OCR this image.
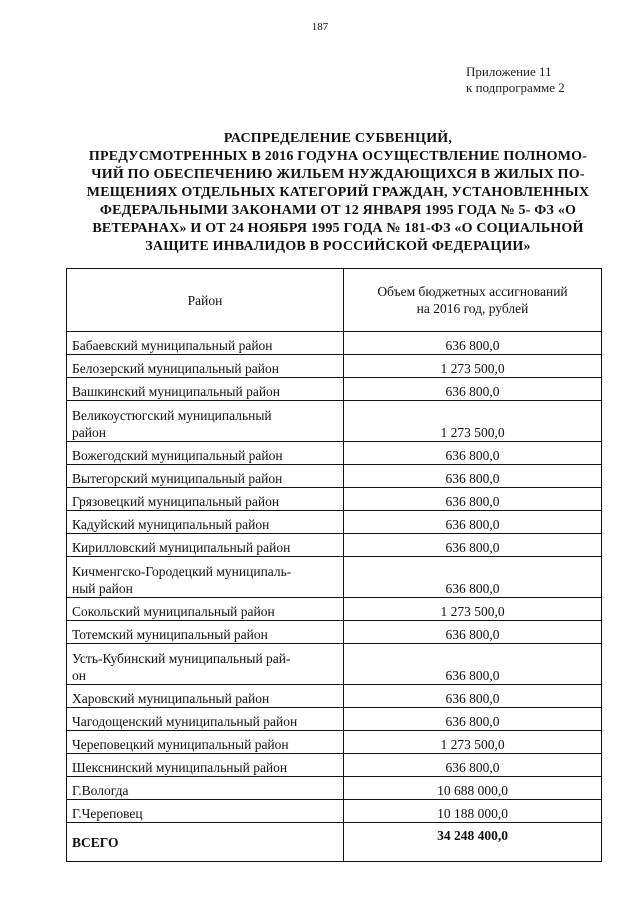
187
Приложение 11
к подпрограмме 2
РАСПРЕДЕЛЕНИЕ СУБВЕНЦИЙ,
ПРЕДУСМОТРЕННЫХ В 2016 ГОДУНА ОСУЩЕСТВЛЕНИЕ ПОЛНОМО-
ЧИЙ ПО ОБЕСПЕЧЕНИЮ ЖИЛЬЕМ НУЖДАЮЩИХСЯ В ЖИЛЫХ ПО-
МЕЩЕНИЯХ ОТДЕЛЬНЫХ КАТЕГОРИЙ ГРАЖДАН, УСТАНОВЛЕННЫХ
ФЕДЕРАЛЬНЫМИ ЗАКОНАМИ ОТ 12 ЯНВАРЯ 1995 ГОДА № 5- ФЗ «О
ВЕТЕРАНАХ» И ОТ 24 НОЯБРЯ 1995 ГОДА № 181-ФЗ «О СОЦИАЛЬНОЙ
ЗАЩИТЕ ИНВАЛИДОВ В РОССИЙСКОЙ ФЕДЕРАЦИИ»
Район	Объем бюджетных ассигнований
на 2016 год, рублей

Бабаевский муниципальный район	636 800,0
Белозерский муниципальный район	1 273 500,0
Вашкинский муниципальный район	636 800,0

Великоустюгский муниципальный
район	1 273 500,0
Вожегодский муниципальный район	636 800,0
Вытегорский муниципальный район	636 800,0
Грязовецкий муниципальный район	636 800,0
Кадуйский муниципальный район	636 800,0
Кирилловский муниципальный район	636 800,0

Кичменгско-Городецкий муниципаль-
ный район	636 800,0
Сокольский муниципальный район	1 273 500,0
Тотемский муниципальный район	636 800,0

Усть-Кубинский муниципальный рай-
он	636 800,0
Харовский муниципальный район	636 800,0
Чагодощенский муниципальный район	636 800,0
Череповецкий муниципальный район	1 273 500,0
Шекснинский муниципальный район	636 800,0
Г.Вологда	10 688 000,0
Г.Череповец	10 188 000,0
ВСЕГО	34 248 400,0
